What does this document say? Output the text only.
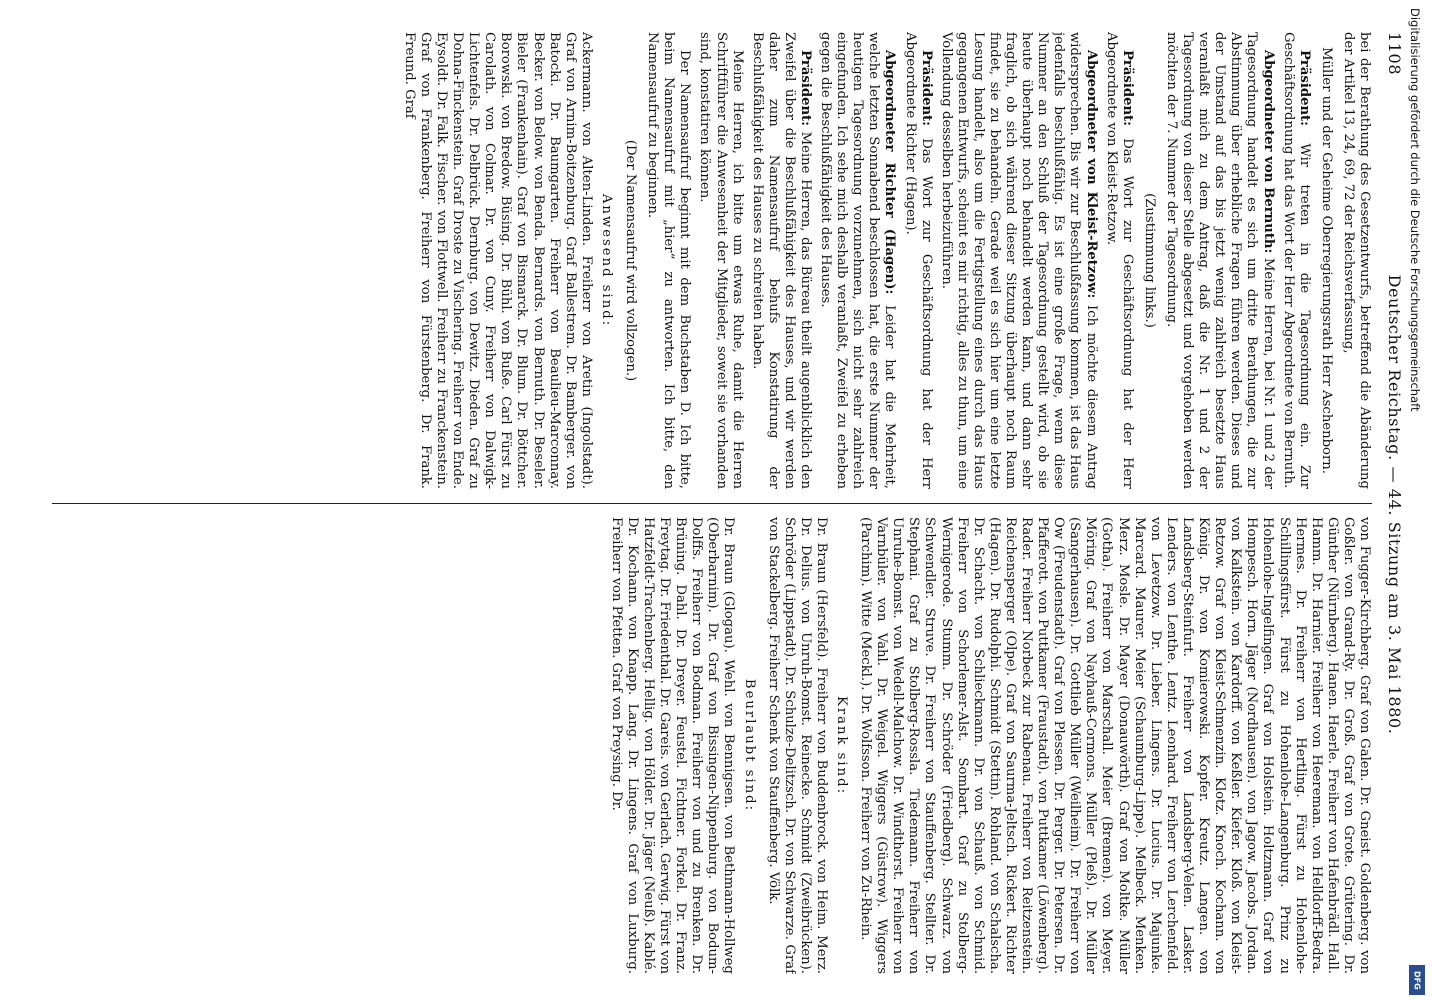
1108
Deutscher Reichstag. — 44. Sitzung am 3. Mai 1880.

bei der Berathung des Gesetzentwurfs, betreffend die Abänderung der Artikel 13, 24, 69, 72 der Reichsverfassung,

Müller und der Geheime Oberregierungsrath Herr Aschenborn.

Präsident: Wir treten in die Tagesordnung ein. Zur Geschäftsordnung hat das Wort der Herr Abgeordnete von Bernuth.

Abgeordneter von Bernuth: Meine Herren, bei Nr. 1 und 2 der Tagesordnung handelt es sich um dritte Berathungen, die zur Abstimmung über erhebliche Fragen führen werden. Dieses und der Umstand auf das bis jetzt wenig zahlreich besetzte Haus veranlaßt mich zu dem Antrag, daß die Nr. 1 und 2 der Tagesordnung von dieser Stelle abgesetzt und vorgehoben werden möchten der 7. Nummer der Tagesordnung.

(Zustimmung links.)

Präsident: Das Wort zur Geschäftsordnung hat der Herr Abgeordnete von Kleist-Retzow.

Abgeordneter von Kleist-Retzow: Ich möchte diesem Antrag widersprechen. Bis wir zur Beschlußfassung kommen, ist das Haus jedenfalls beschlußfähig. Es ist eine große Frage, wenn diese Nummer an den Schluß der Tagesordnung gestellt wird, ob sie heute überhaupt noch behandelt werden kann, und dann sehr fraglich, ob sich während dieser Sitzung überhaupt noch Raum findet, sie zu behandeln. Gerade weil es sich hier um eine letzte Lesung handelt, also um die Fertigstellung eines durch das Haus gegangenen Entwurfs, scheint es mir richtig, alles zu thun, um eine Vollendung desselben herbeizuführen.

Präsident: Das Wort zur Geschäftsordnung hat der Herr Abgeordnete Richter (Hagen).

Abgeordneter Richter (Hagen): Leider hat die Mehrheit, welche letzten Sonnabend beschlossen hat, die erste Nummer der heutigen Tagesordnung vorzunehmen, sich nicht sehr zahlreich eingefunden. Ich sehe mich deshalb veranlaßt, Zweifel zu erheben gegen die Beschlußfähigkeit des Hauses.

Präsident: Meine Herren, das Büreau theilt augenblicklich den Zweifel über die Beschlußfähigkeit des Hauses, und wir werden daher zum Namensaufruf behufs Konstatirung der Beschlußfähigkeit des Hauses zu schreiten haben.

Meine Herren, ich bitte um etwas Ruhe, damit die Herren Schriftführer die Anwesenheit der Mitglieder, soweit sie vorhanden sind, konstatiren können.

Der Namensaufruf beginnt mit dem Buchstaben D. Ich bitte, beim Namensaufruf mit „hier“ zu antworten. Ich bitte, den Namensaufruf zu beginnen.

(Der Namensaufruf wird vollzogen.)

Anwesend sind:

Ackermann. von Alten-Linden. Freiherr von Aretin (Ingolstadt). Graf von Arnim-Boitzenburg. Graf Ballestrem. Dr. Bamberger. von Batocki. Dr. Baumgarten. Freiherr von Beaulieu-Marconnay. Becker. von Below. von Benda. Bernards. von Bernuth. Dr. Beseler. Bieler (Frankenhain). Graf von Bismarck. Dr. Blum. Dr. Böttcher. Borowski. von Bredow. Büsing. Dr. Bühl. von Buße. Carl Fürst zu Carolath. von Colmar. Dr. von Cuny. Freiherr von Dalwigk-Lichtenfels. Dr. Delbrück. Dernburg. von Dewitz. Dieden. Graf zu Dohna-Finckenstein. Graf Droste zu Vischering. Freiherr von Ende. Eysoldt. Dr. Falk. Fischer. von Flottwell. Freiherr zu Franckenstein. Graf von Frankenberg. Freiherr von Fürstenberg. Dr. Frank. Freund. Graf

von Fugger-Kirchberg. Graf von Galen. Dr. Gneist. Goldenberg. von Goßler. von Grand-Ry. Dr. Groß. Graf von Grote. Grütering. Dr. Günther (Nürnberg). Hanen. Haerle. Freiherr von Hafenbrädl. Hall. Hamm. Dr. Harnier. Freiherr von Heereman. von Helldorff-Bedra. Hermes. Dr. Freiherr von Hertling. Fürst zu Hohenlohe-Schillingsfürst. Fürst zu Hohenlohe-Langenburg. Prinz zu Hohenlohe-Ingelfingen. Graf von Holstein. Holtzmann. Graf von Hompesch. Horn. Jäger (Nordhausen). von Jagow. Jacobs. Jordan. von Kalkstein. von Kardorff. von Keßler. Kiefer. Kloß. von Kleist-Retzow. Graf von Kleist-Schmenzin. Klotz. Knoch. Kochann. von König. Dr. von Komierowski. Kopfer. Kreutz. Langen. von Landsberg-Steinfurt. Freiherr von Landsberg-Velen. Lasker. Lenders. von Lenthe. Lentz. Leonhard. Freiherr von Lerchenfeld. von Levetzow. Dr. Lieber. Lingens. Dr. Lucius. Dr. Majunke. Marcard. Maurer. Meier (Schaumburg-Lippe). Melbeck. Menken. Merz. Mosle. Dr. Mayer (Donauwörth). Graf von Moltke. Müller (Gotha). Freiherr von Marschall. Meier (Bremen). von Meyer. Möring. Graf von Nayhauß-Cormons. Müller (Pleß). Dr. Müller (Sangerhausen). Dr. Gottlieb Müller (Weilheim). Dr. Freiherr von Ow (Freudenstadt). Graf von Plessen. Dr. Perger. Dr. Petersen. Dr. Pfafferott. von Puttkamer (Fraustadt). von Puttkamer (Löwenberg). Rader. Freiherr Norbeck zur Rabenau. Freiherr von Reitzenstein. Reichensperger (Olpe). Graf von Saurma-Jeltsch. Rickert. Richter (Hagen). Dr. Rudolphi. Schmidt (Stettin). Rohland. von Schalscha. Dr. Schacht. von Schlieckmann. Dr. von Schauß. von Schmid. Freiherr von Schorlemer-Alst. Sombart. Graf zu Stolberg-Wernigerode. Stumm. Dr. Schröder (Friedberg). Schwarz. von Schwendler. Struve. Dr. Freiherr von Stauffenberg. Stellter. Dr. Stephani. Graf zu Stolberg-Rossla. Tiedemann. Freiherr von Unruhe-Bomst. von Wedell-Malchow. Dr. Windthorst. Freiherr von Varnbüler. von Vahl. Dr. Weigel. Wiggers (Güstrow). Wiggers (Parchim). Witte (Meckl.). Dr. Wolfsson. Freiherr von Zu-Rhein.

Krank sind:

Dr. Braun (Hersfeld). Freiherr von Buddenbrock. von Heim. Merz. Dr. Delius. von Unruh-Bomst. Reinecke. Schmidt (Zweibrücken). Schröder (Lippstadt). Dr. Schulze-Delitzsch. Dr. von Schwarze. Graf von Stackelberg. Freiherr Schenk von Stauffenberg. Völk.

Beurlaubt sind:

Dr. Braun (Glogau). Wehl. von Bennigsen. von Bethmann-Hollweg (Oberbarnim). Dr. Graf von Bissingen-Nippenburg. von Bodum-Dolffs. Freiherr von Bodman. Freiherr von und zu Brenken. Dr. Brüning. Dahl. Dr. Dreyer. Feustel. Fichtner. Forkel. Dr. Franz. Freytag. Dr. Friedenthal. Dr. Gareis. von Gerlach. Gerwig. Fürst von Hatzfeldt-Trachenberg. Hellig. von Hölder. Dr. Jäger (Neuß). Kablé. Dr. Kochann. von Knapp. Lang. Dr. Lingens. Graf von Luxburg. Freiherr von Pfetten. Graf von Preysing. Dr.

Digitalisierung gefördert durch die Deutsche Forschungsgemeinschaft
DFG
